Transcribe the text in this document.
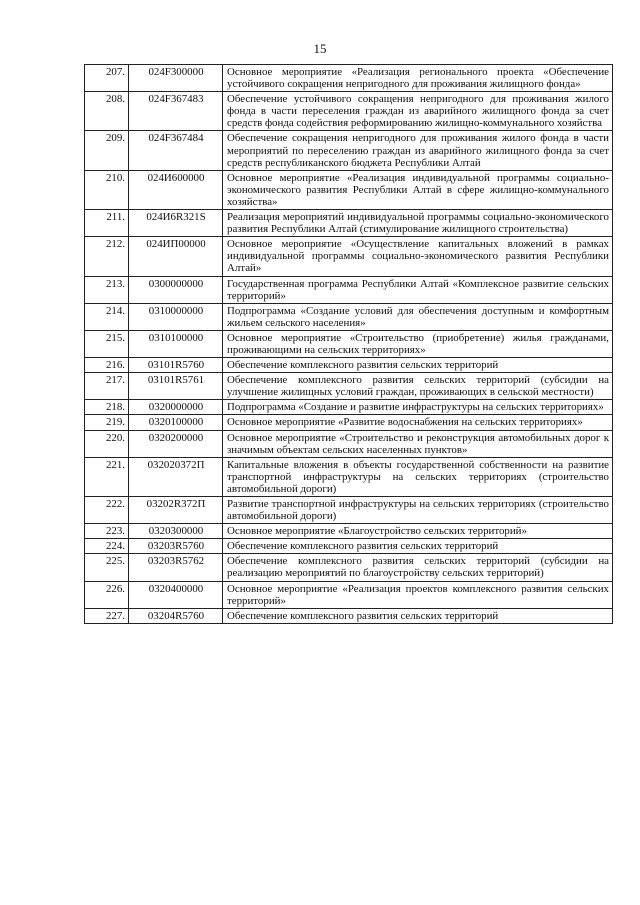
15
207.	024F300000	Основное мероприятие «Реализация регионального проекта «Обеспечение устойчивого сокращения непригодного для проживания жилищного фонда»
208.	024F367483	Обеспечение устойчивого сокращения непригодного для проживания жилого фонда в части переселения граждан из аварийного жилищного фонда за счет средств фонда содействия реформированию жилищно-коммунального хозяйства
209.	024F367484	Обеспечение сокращения непригодного для проживания жилого фонда в части мероприятий по переселению граждан из аварийного жилищного фонда за счет средств республиканского бюджета Республики Алтай
210.	024И600000	Основное мероприятие «Реализация индивидуальной программы социально-экономического развития Республики Алтай в сфере жилищно-коммунального хозяйства»
211.	024И6R321S	Реализация мероприятий индивидуальной программы социально-экономического развития Республики Алтай (стимулирование жилищного строительства)
212.	024ИП00000	Основное мероприятие «Осуществление капитальных вложений в рамках индивидуальной программы социально-экономического развития Республики Алтай»
213.	0300000000	Государственная программа Республики Алтай «Комплексное развитие сельских территорий»
214.	0310000000	Подпрограмма «Создание условий для обеспечения доступным и комфортным жильем сельского населения»
215.	0310100000	Основное мероприятие «Строительство (приобретение) жилья гражданами, проживающими на сельских территориях»
216.	03101R5760	Обеспечение комплексного развития сельских территорий
217.	03101R5761	Обеспечение комплексного развития сельских территорий (субсидии на улучшение жилищных условий граждан, проживающих в сельской местности)
218.	0320000000	Подпрограмма «Создание и развитие инфраструктуры на сельских территориях»
219.	0320100000	Основное мероприятие «Развитие водоснабжения на сельских территориях»
220.	0320200000	Основное мероприятие «Строительство и реконструкция автомобильных дорог к значимым объектам сельских населенных пунктов»
221.	032020372П	Капитальные вложения в объекты государственной собственности на развитие транспортной инфраструктуры на сельских территориях (строительство автомобильной дороги)
222.	03202R372П	Развитие транспортной инфраструктуры на сельских территориях (строительство автомобильной дороги)
223.	0320300000	Основное мероприятие «Благоустройство сельских территорий»
224.	03203R5760	Обеспечение комплексного развития сельских территорий
225.	03203R5762	Обеспечение комплексного развития сельских территорий (субсидии на реализацию мероприятий по благоустройству сельских территорий)
226.	0320400000	Основное мероприятие «Реализация проектов комплексного развития сельских территорий»
227.	03204R5760	Обеспечение комплексного развития сельских территорий
